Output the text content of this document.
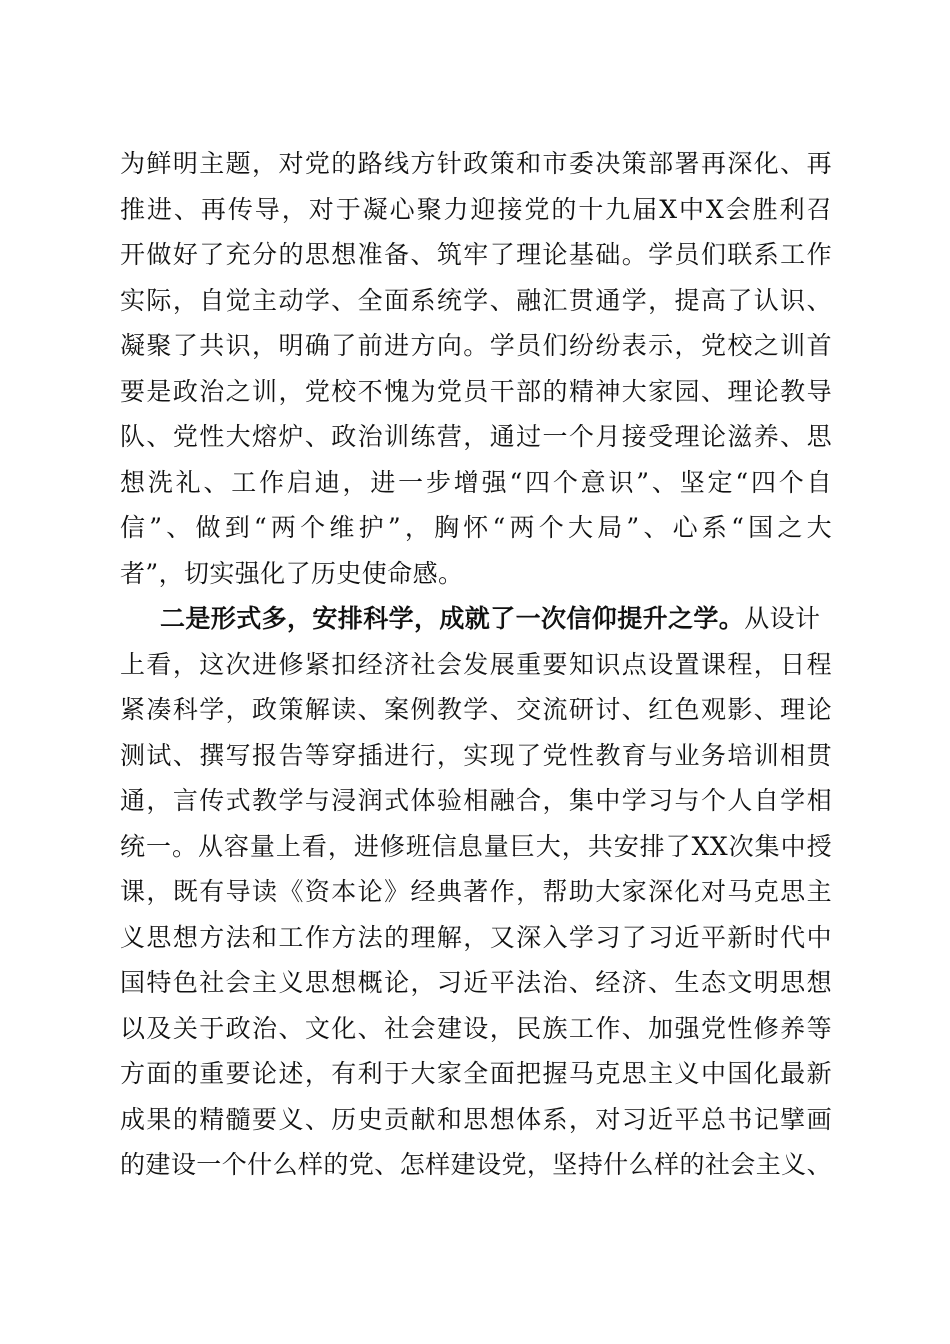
为鲜明主题，对党的路线方针政策和市委决策部署再深化、再
推进、再传导，对于凝心聚力迎接党的十九届X中X会胜利召
开做好了充分的思想准备、筑牢了理论基础。学员们联系工作
实际，自觉主动学、全面系统学、融汇贯通学，提高了认识、
凝聚了共识，明确了前进方向。学员们纷纷表示，党校之训首
要是政治之训，党校不愧为党员干部的精神大家园、理论教导
队、党性大熔炉、政治训练营，通过一个月接受理论滋养、思
想洗礼、工作启迪，进一步增强“四个意识”、坚定“四个自
信”、做到“两个维护”，胸怀“两个大局”、心系“国之大
者”，切实强化了历史使命感。
二是形式多，安排科学，成就了一次信仰提升之学。从设计
上看，这次进修紧扣经济社会发展重要知识点设置课程，日程
紧凑科学，政策解读、案例教学、交流研讨、红色观影、理论
测试、撰写报告等穿插进行，实现了党性教育与业务培训相贯
通，言传式教学与浸润式体验相融合，集中学习与个人自学相
统一。从容量上看，进修班信息量巨大，共安排了XX次集中授
课，既有导读《资本论》经典著作，帮助大家深化对马克思主
义思想方法和工作方法的理解，又深入学习了习近平新时代中
国特色社会主义思想概论，习近平法治、经济、生态文明思想
以及关于政治、文化、社会建设，民族工作、加强党性修养等
方面的重要论述，有利于大家全面把握马克思主义中国化最新
成果的精髓要义、历史贡献和思想体系，对习近平总书记擘画
的建设一个什么样的党、怎样建设党，坚持什么样的社会主义、
